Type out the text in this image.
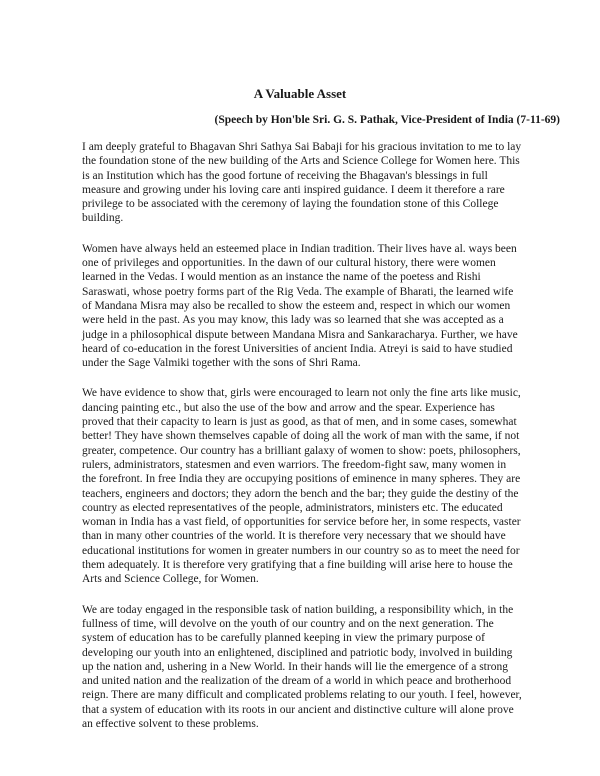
A Valuable Asset
(Speech by Hon'ble Sri. G. S. Pathak, Vice-President of India (7-11-69)

I am deeply grateful to Bhagavan Shri Sathya Sai Babaji for his gracious invitation to me to lay the foundation stone of the new building of the Arts and Science College for Women here. This is an Institution which has the good fortune of receiving the Bhagavan's blessings in full measure and growing under his loving care anti inspired guidance. I deem it therefore a rare privilege to be associated with the ceremony of laying the foundation stone of this College building.

Women have always held an esteemed place in Indian tradition. Their lives have al. ways been one of privileges and opportunities. In the dawn of our cultural history, there were women learned in the Vedas. I would mention as an instance the name of the poetess and Rishi Saraswati, whose poetry forms part of the Rig Veda. The example of Bharati, the learned wife of Mandana Misra may also be recalled to show the esteem and, respect in which our women were held in the past. As you may know, this lady was so learned that she was accepted as a judge in a philosophical dispute between Mandana Misra and Sankaracharya. Further, we have heard of co-education in the forest Universities of ancient India. Atreyi is said to have studied under the Sage Valmiki together with the sons of Shri Rama.

We have evidence to show that, girls were encouraged to learn not only the fine arts like music, dancing painting etc., but also the use of the bow and arrow and the spear. Experience has proved that their capacity to learn is just as good, as that of men, and in some cases, somewhat better! They have shown themselves capable of doing all the work of man with the same, if not greater, competence. Our country has a brilliant galaxy of women to show: poets, philosophers, rulers, administrators, statesmen and even warriors. The freedom-fight saw, many women in the forefront. In free India they are occupying positions of eminence in many spheres. They are teachers, engineers and doctors; they adorn the bench and the bar; they guide the destiny of the country as elected representatives of the people, administrators, ministers etc. The educated woman in India has a vast field, of opportunities for service before her, in some respects, vaster than in many other countries of the world. It is therefore very necessary that we should have educational institutions for women in greater numbers in our country so as to meet the need for them adequately. It is therefore very gratifying that a fine building will arise here to house the Arts and Science College, for Women.

We are today engaged in the responsible task of nation building, a responsibility which, in the fullness of time, will devolve on the youth of our country and on the next generation. The system of education has to be carefully planned keeping in view the primary purpose of developing our youth into an enlightened, disciplined and patriotic body, involved in building up the nation and, ushering in a New World. In their hands will lie the emergence of a strong and united nation and the realization of the dream of a world in which peace and brotherhood reign. There are many difficult and complicated problems relating to our youth. I feel, however, that a system of education with its roots in our ancient and distinctive culture will alone prove an effective solvent to these problems.
